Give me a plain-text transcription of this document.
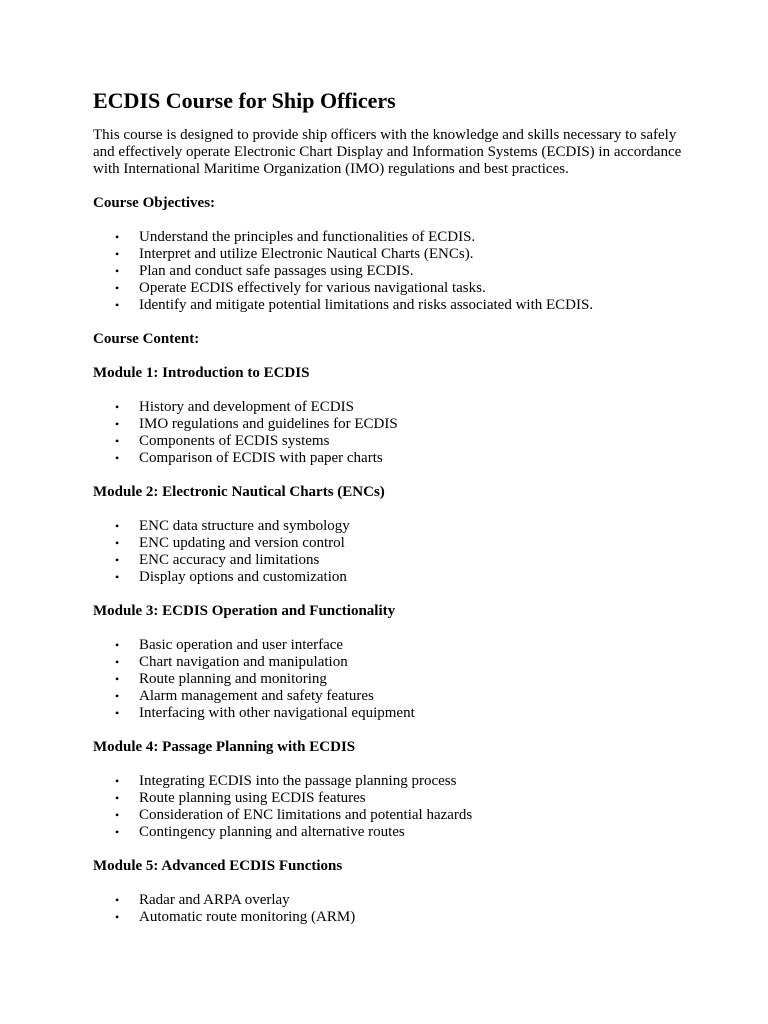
ECDIS Course for Ship Officers

This course is designed to provide ship officers with the knowledge and skills necessary to safely and effectively operate Electronic Chart Display and Information Systems (ECDIS) in accordance with International Maritime Organization (IMO) regulations and best practices.

Course Objectives:
• Understand the principles and functionalities of ECDIS.
• Interpret and utilize Electronic Nautical Charts (ENCs).
• Plan and conduct safe passages using ECDIS.
• Operate ECDIS effectively for various navigational tasks.
• Identify and mitigate potential limitations and risks associated with ECDIS.
Course Content:
Module 1: Introduction to ECDIS
• History and development of ECDIS
• IMO regulations and guidelines for ECDIS
• Components of ECDIS systems
• Comparison of ECDIS with paper charts
Module 2: Electronic Nautical Charts (ENCs)
• ENC data structure and symbology
• ENC updating and version control
• ENC accuracy and limitations
• Display options and customization
Module 3: ECDIS Operation and Functionality
• Basic operation and user interface
• Chart navigation and manipulation
• Route planning and monitoring
• Alarm management and safety features
• Interfacing with other navigational equipment
Module 4: Passage Planning with ECDIS
• Integrating ECDIS into the passage planning process
• Route planning using ECDIS features
• Consideration of ENC limitations and potential hazards
• Contingency planning and alternative routes
Module 5: Advanced ECDIS Functions
• Radar and ARPA overlay
• Automatic route monitoring (ARM)
